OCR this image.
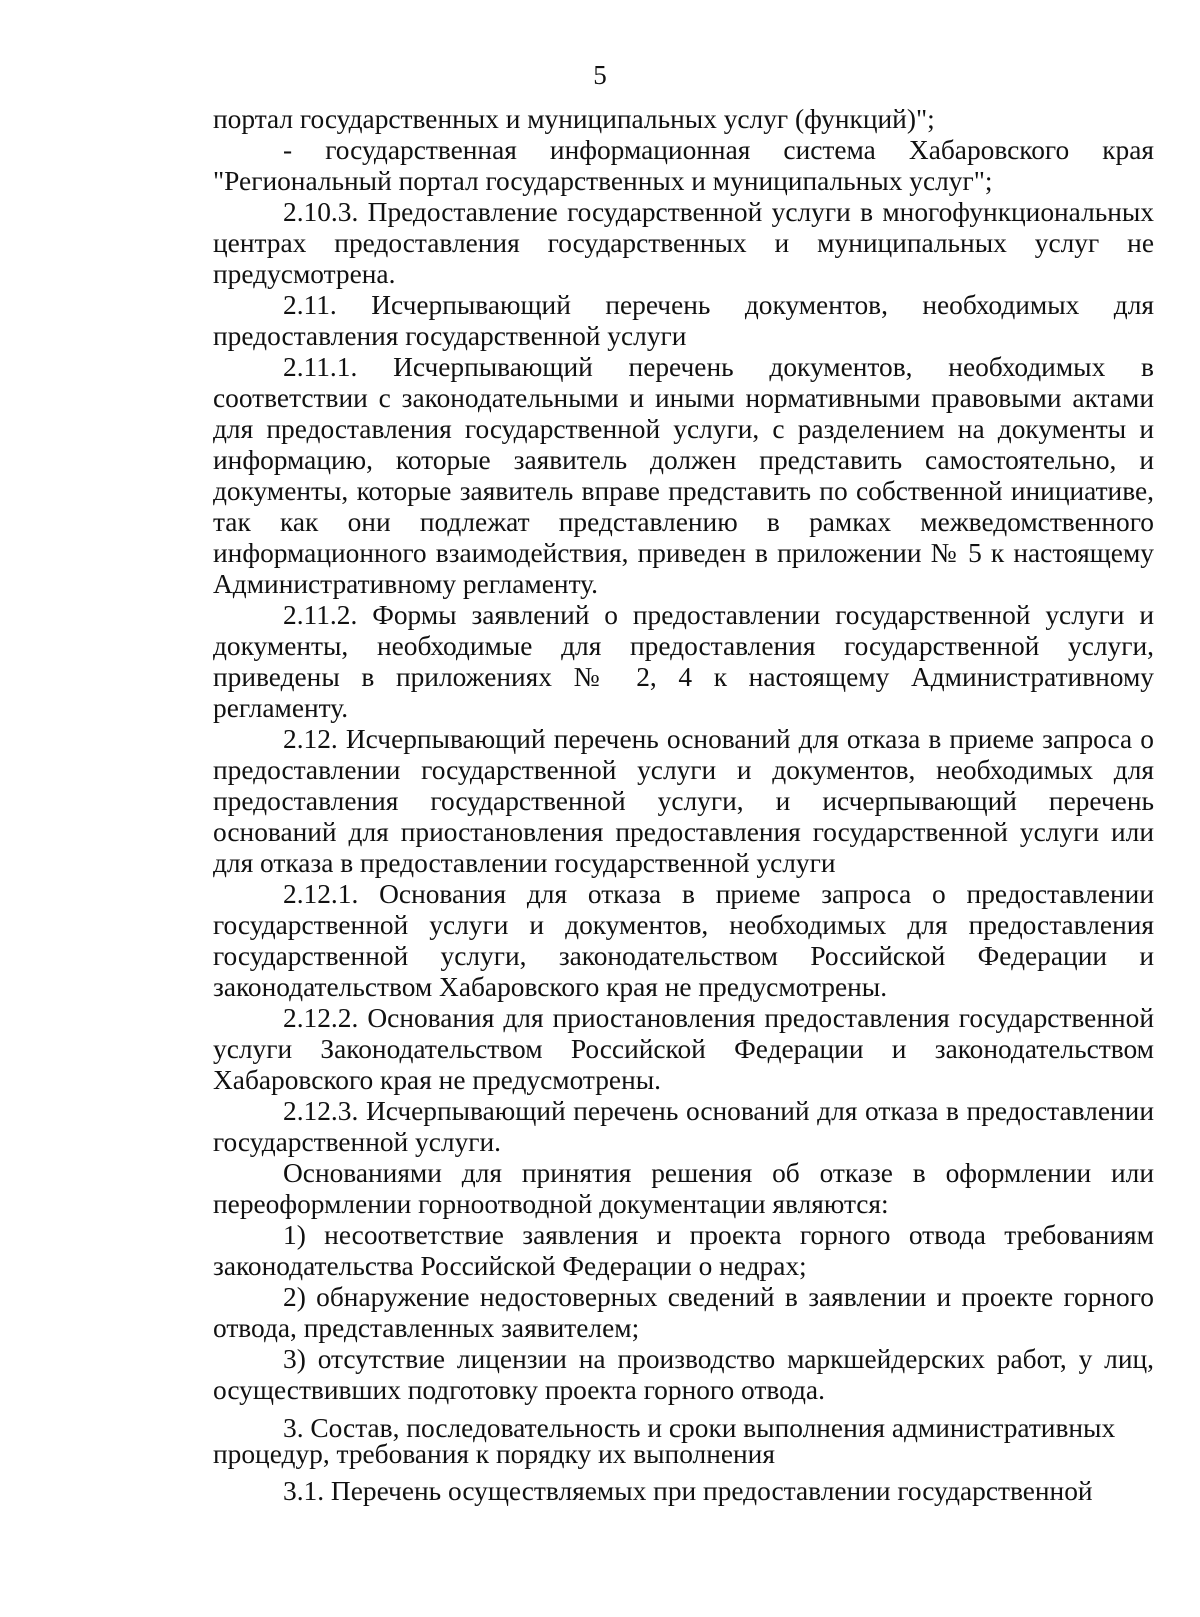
5

портал государственных и муниципальных услуг (функций)";

- государственная информационная система Хабаровского края "Региональный портал государственных и муниципальных услуг";

2.10.3. Предоставление государственной услуги в многофункциональных центрах предоставления государственных и муниципальных услуг не предусмотрена.

2.11. Исчерпывающий перечень документов, необходимых для предоставления государственной услуги

2.11.1. Исчерпывающий перечень документов, необходимых в соответствии с законодательными и иными нормативными правовыми актами для предоставления государственной услуги, с разделением на документы и информацию, которые заявитель должен представить самостоятельно, и документы, которые заявитель вправе представить по собственной инициативе, так как они подлежат представлению в рамках межведомственного информационного взаимодействия, приведен в приложении № 5 к настоящему Административному регламенту.

2.11.2. Формы заявлений о предоставлении государственной услуги и документы, необходимые для предоставления государственной услуги, приведены в приложениях № 2, 4 к настоящему Административному регламенту.

2.12. Исчерпывающий перечень оснований для отказа в приеме запроса о предоставлении государственной услуги и документов, необходимых для предоставления государственной услуги, и исчерпывающий перечень оснований для приостановления предоставления государственной услуги или для отказа в предоставлении государственной услуги

2.12.1. Основания для отказа в приеме запроса о предоставлении государственной услуги и документов, необходимых для предоставления государственной услуги, законодательством Российской Федерации и законодательством Хабаровского края не предусмотрены.

2.12.2. Основания для приостановления предоставления государственной услуги Законодательством Российской Федерации и законодательством Хабаровского края не предусмотрены.

2.12.3. Исчерпывающий перечень оснований для отказа в предоставлении государственной услуги.

Основаниями для принятия решения об отказе в оформлении или переоформлении горноотводной документации являются:

1) несоответствие заявления и проекта горного отвода требованиям законодательства Российской Федерации о недрах;

2) обнаружение недостоверных сведений в заявлении и проекте горного отвода, представленных заявителем;

3) отсутствие лицензии на производство маркшейдерских работ, у лиц, осуществивших подготовку проекта горного отвода.

3. Состав, последовательность и сроки выполнения административных процедур, требования к порядку их выполнения

3.1. Перечень осуществляемых при предоставлении государственной
